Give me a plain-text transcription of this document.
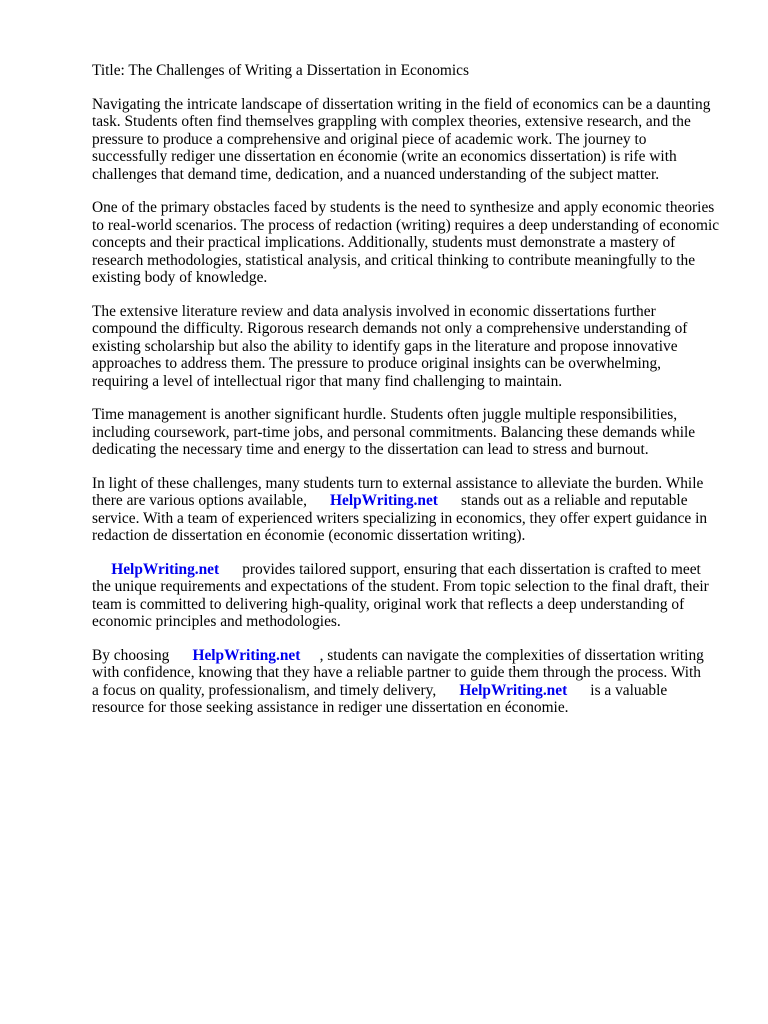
Title: The Challenges of Writing a Dissertation in Economics

Navigating the intricate landscape of dissertation writing in the field of economics can be a daunting
task. Students often find themselves grappling with complex theories, extensive research, and the
pressure to produce a comprehensive and original piece of academic work. The journey to
successfully rediger une dissertation en économie (write an economics dissertation) is rife with
challenges that demand time, dedication, and a nuanced understanding of the subject matter.

One of the primary obstacles faced by students is the need to synthesize and apply economic theories
to real-world scenarios. The process of redaction (writing) requires a deep understanding of economic
concepts and their practical implications. Additionally, students must demonstrate a mastery of
research methodologies, statistical analysis, and critical thinking to contribute meaningfully to the
existing body of knowledge.

The extensive literature review and data analysis involved in economic dissertations further
compound the difficulty. Rigorous research demands not only a comprehensive understanding of
existing scholarship but also the ability to identify gaps in the literature and propose innovative
approaches to address them. The pressure to produce original insights can be overwhelming,
requiring a level of intellectual rigor that many find challenging to maintain.

Time management is another significant hurdle. Students often juggle multiple responsibilities,
including coursework, part-time jobs, and personal commitments. Balancing these demands while
dedicating the necessary time and energy to the dissertation can lead to stress and burnout.

In light of these challenges, many students turn to external assistance to alleviate the burden. While
there are various options available,      HelpWriting.net      stands out as a reliable and reputable
service. With a team of experienced writers specializing in economics, they offer expert guidance in
redaction de dissertation en économie (economic dissertation writing).

HelpWriting.net      provides tailored support, ensuring that each dissertation is crafted to meet
the unique requirements and expectations of the student. From topic selection to the final draft, their
team is committed to delivering high-quality, original work that reflects a deep understanding of
economic principles and methodologies.

By choosing      HelpWriting.net     , students can navigate the complexities of dissertation writing
with confidence, knowing that they have a reliable partner to guide them through the process. With
a focus on quality, professionalism, and timely delivery,      HelpWriting.net      is a valuable
resource for those seeking assistance in rediger une dissertation en économie.
